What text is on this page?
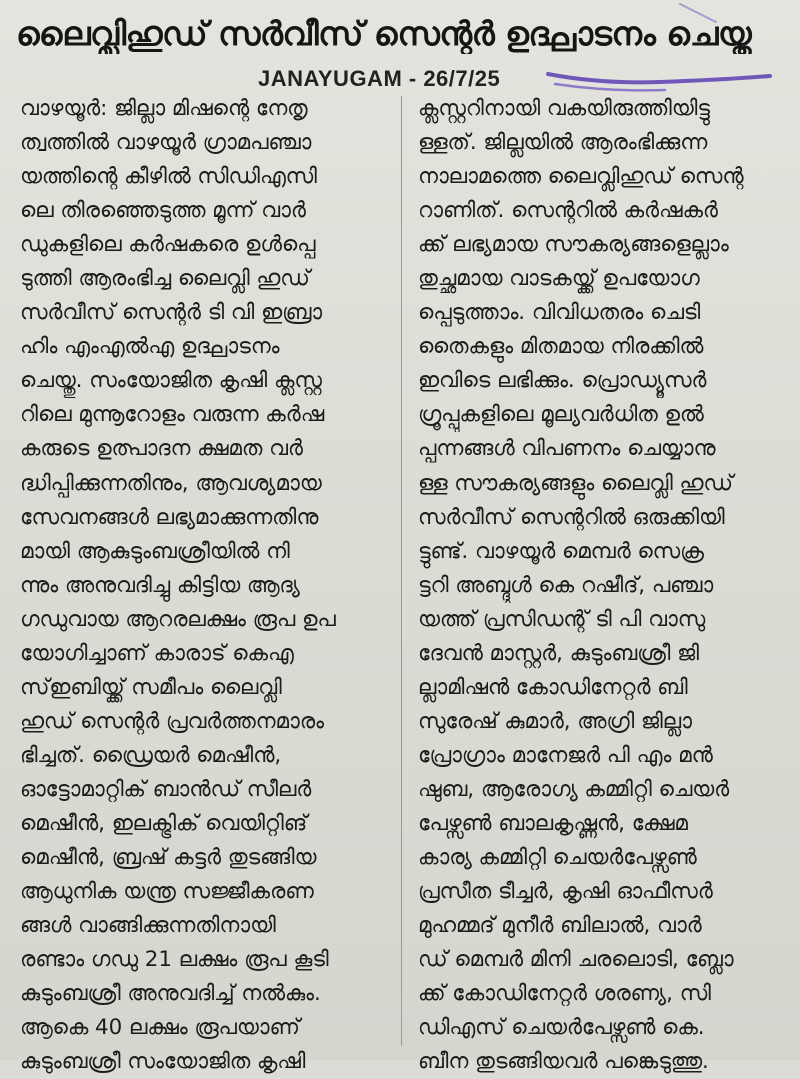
ലൈവ്ലിഹുഡ് സർവീസ് സെന്റർ ഉദ്ഘാടനം ചെയ്തു
JANAYUGAM - 26/7/25
വാഴയൂർ: ജില്ലാ മിഷന്റെ നേതൃ
ത്വത്തിൽ വാഴയൂർ ഗ്രാമപഞ്ചാ
യത്തിന്റെ കീഴിൽ സിഡിഎസി
ലെ തിരഞ്ഞെടുത്ത മൂന്ന് വാർ
ഡുകളിലെ കർഷകരെ ഉൾപ്പെ
ടുത്തി ആരംഭിച്ച ലൈവ്ലി ഹുഡ്
സർവീസ് സെന്റർ ടി വി ഇബ്രാ
ഹിം എംഎൽഎ ഉദ്ഘാടനം
ചെയ്തു. സംയോജിത കൃഷി ക്ലസ്റ്റ
റിലെ മുന്നൂറോളം വരുന്ന കർഷ
കരുടെ ഉത്പാദന ക്ഷമത വർ
ദ്ധിപ്പിക്കുന്നതിനും, ആവശ്യമായ
സേവനങ്ങൾ ലഭ്യമാക്കുന്നതിനു
മായി ആകുടുംബശ്രീയിൽ നി
ന്നും അനുവദിച്ചു കിട്ടിയ ആദ്യ
ഗഡുവായ ആറരലക്ഷം രൂപ ഉപ
യോഗിച്ചാണ് കാരാട് കെഎ
സ്ഇബിയ്ക്ക് സമീപം ലൈവ്ലി
ഹുഡ് സെന്റർ പ്രവർത്തനമാരം
ഭിച്ചത്. ഡ്രൈയർ മെഷീൻ,
ഓട്ടോമാറ്റിക് ബാൻഡ് സീലർ
മെഷീൻ, ഇലക്ട്രിക് വെയിറ്റിങ്
മെഷീൻ, ബ്രഷ് കട്ടർ തുടങ്ങിയ
ആധുനിക യന്ത്ര സജ്ജീകരണ
ങ്ങൾ വാങ്ങിക്കുന്നതിനായി
രണ്ടാം ഗഡു 21 ലക്ഷം രൂപ കൂടി
കുടുംബശ്രീ അനുവദിച്ച് നൽകും.
ആകെ 40 ലക്ഷം രൂപയാണ്
കുടുംബശ്രീ സംയോജിത കൃഷി
ക്ലസ്റ്ററിനായി വകയിരുത്തിയിട്ടു
ള്ളത്. ജില്ലയിൽ ആരംഭിക്കുന്ന
നാലാമത്തെ ലൈവ്ലിഹുഡ് സെന്റ
റാണിത്. സെന്ററിൽ കർഷകർ
ക്ക് ലഭ്യമായ സൗകര്യങ്ങളെല്ലാം
തുച്ഛമായ വാടകയ്ക്ക് ഉപയോഗ
പ്പെടുത്താം. വിവിധതരം ചെടി
തൈകളും മിതമായ നിരക്കിൽ
ഇവിടെ ലഭിക്കും. പ്രൊഡ്യൂസർ
ഗ്രൂപ്പുകളിലെ മൂല്യവർധിത ഉൽ
പ്പന്നങ്ങൾ വിപണനം ചെയ്യാനു
ള്ള സൗകര്യങ്ങളും ലൈവ്ലി ഹുഡ്
സർവീസ് സെന്ററിൽ ഒരുക്കിയി
ട്ടുണ്ട്. വാഴയൂർ മെമ്പർ സെക്ര
ട്ടറി അബ്ദുൾ കെ റഷീദ്, പഞ്ചാ
യത്ത് പ്രസിഡന്റ് ടി പി വാസു
ദേവൻ മാസ്റ്റർ, കുടുംബശ്രീ ജി
ല്ലാമിഷൻ കോഡിനേറ്റർ ബി
സുരേഷ് കുമാർ, അഗ്രി ജില്ലാ
പ്രോഗ്രാം മാനേജർ പി എം മൻ
ഷുബ, ആരോഗ്യ കമ്മിറ്റി ചെയർ
പേഴ്സൺ ബാലകൃഷ്ണൻ, ക്ഷേമ
കാര്യ കമ്മിറ്റി ചെയർപേഴ്സൺ
പ്രസീത ടീച്ചർ, കൃഷി ഓഫീസർ
മുഹമ്മദ് മുനീർ ബിലാൽ, വാർ
ഡ് മെമ്പർ മിനി ചരലൊടി, ബ്ലോ
ക്ക് കോഡിനേറ്റർ ശരണ്യ, സി
ഡിഎസ് ചെയർപേഴ്സൺ കെ.
ബീന തുടങ്ങിയവർ പങ്കെടുത്തു.
